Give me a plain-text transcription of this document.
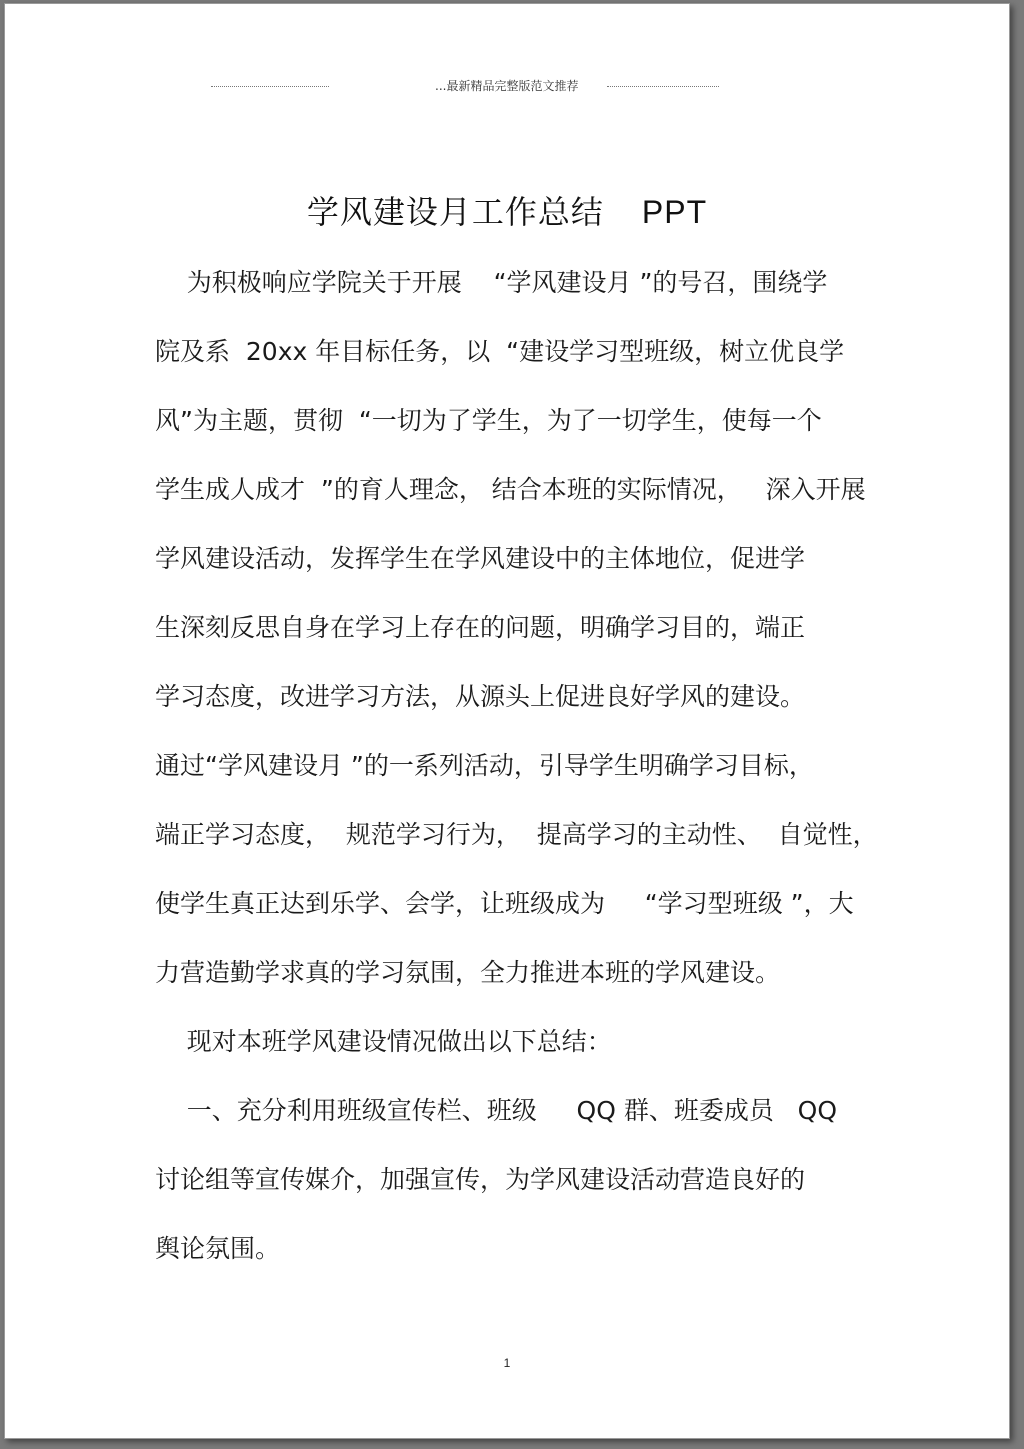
...最新精品完整版范文推荐
学风建设月工作总结 PPT
为积极响应学院关于开展    “学风建设月 ”的号召，围绕学
院及系  20xx 年目标任务，以  “建设学习型班级，树立优良学
风”为主题，贯彻  “一切为了学生，为了一切学生，使每一个
学生成人成才  ”的育人理念， 结合本班的实际情况，   深入开展
学风建设活动，发挥学生在学风建设中的主体地位，促进学
生深刻反思自身在学习上存在的问题，明确学习目的，端正
学习态度，改进学习方法，从源头上促进良好学风的建设。
通过“学风建设月 ”的一系列活动，引导学生明确学习目标，
端正学习态度，  规范学习行为，  提高学习的主动性、  自觉性，
使学生真正达到乐学、会学，让班级成为     “学习型班级 ”，大
力营造勤学求真的学习氛围，全力推进本班的学风建设。
现对本班学风建设情况做出以下总结：
一、充分利用班级宣传栏、班级     QQ 群、班委成员   QQ
讨论组等宣传媒介，加强宣传，为学风建设活动营造良好的
舆论氛围。
1
